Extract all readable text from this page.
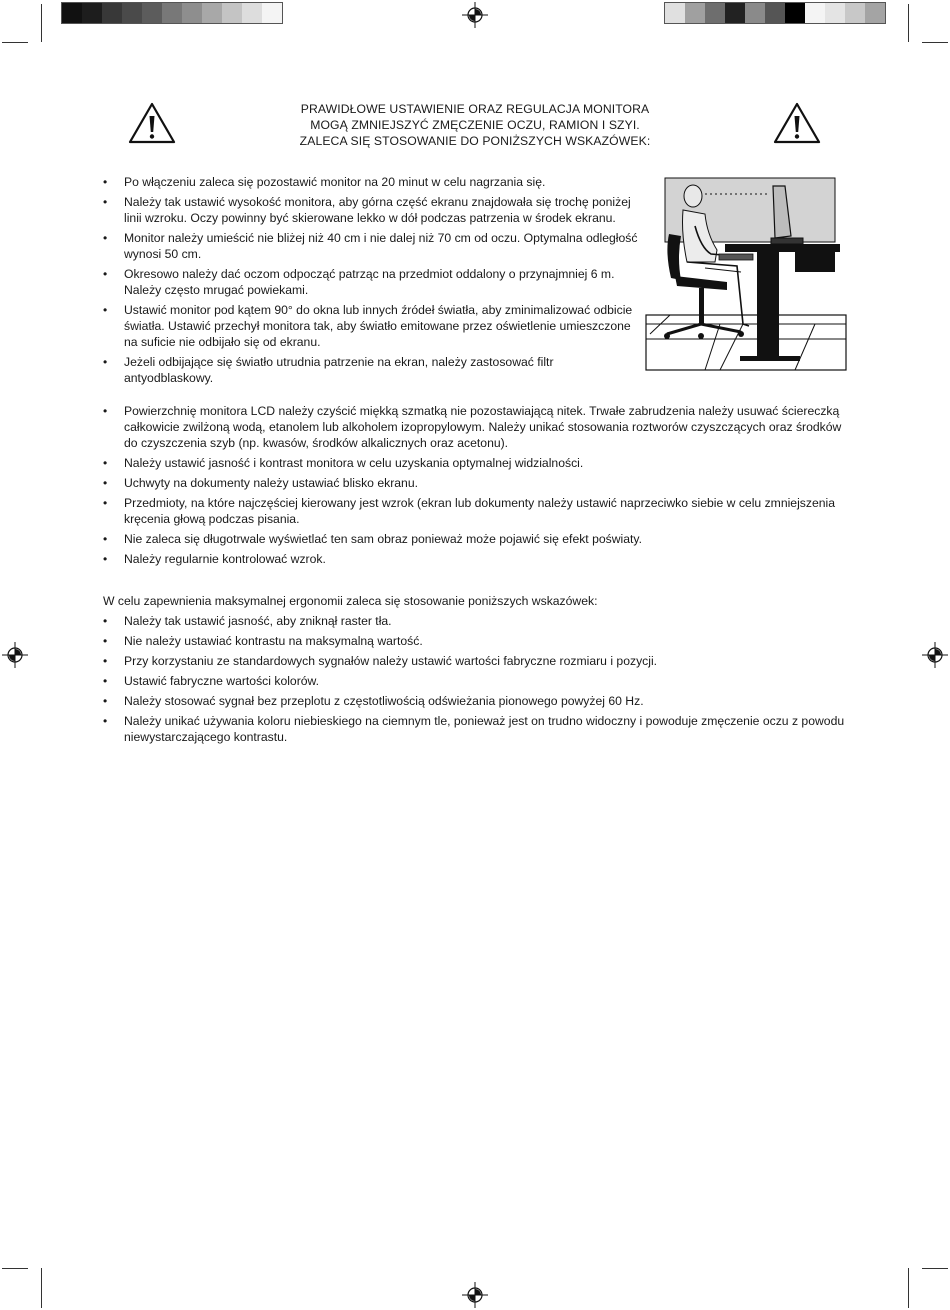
PRAWIDŁOWE USTAWIENIE ORAZ REGULACJA MONITORA
MOGĄ ZMNIEJSZYĆ ZMĘCZENIE OCZU, RAMION I SZYI.
ZALECA SIĘ STOSOWANIE DO PONIŻSZYCH WSKAZÓWEK:
• Po włączeniu zaleca się pozostawić monitor na 20 minut w celu nagrzania się.
• Należy tak ustawić wysokość monitora, aby górna część ekranu znajdowała się trochę poniżej linii wzroku. Oczy powinny być skierowane lekko w dół podczas patrzenia w środek ekranu.
• Monitor należy umieścić nie bliżej niż 40 cm i nie dalej niż 70 cm od oczu. Optymalna odległość wynosi 50 cm.
• Okresowo należy dać oczom odpocząć patrząc na przedmiot oddalony o przynajmniej 6 m. Należy często mrugać powiekami.
• Ustawić monitor pod kątem 90° do okna lub innych źródeł światła, aby zminimalizować odbicie światła. Ustawić przechył monitora tak, aby światło emitowane przez oświetlenie umieszczone na suficie nie odbijało się od ekranu.
• Jeżeli odbijające się światło utrudnia patrzenie na ekran, należy zastosować filtr antyodblaskowy.
• Powierzchnię monitora LCD należy czyścić miękką szmatką nie pozostawiającą nitek. Trwałe zabrudzenia należy usuwać ściereczką całkowicie zwilżoną wodą, etanolem lub alkoholem izopropylowym. Należy unikać stosowania roztworów czyszczących oraz środków do czyszczenia szyb (np. kwasów, środków alkalicznych oraz acetonu).
• Należy ustawić jasność i kontrast monitora w celu uzyskania optymalnej widzialności.
• Uchwyty na dokumenty należy ustawiać blisko ekranu.
• Przedmioty, na które najczęściej kierowany jest wzrok (ekran lub dokumenty należy ustawić naprzeciwko siebie w celu zmniejszenia kręcenia głową podczas pisania.
• Nie zaleca się długotrwale wyświetlać ten sam obraz ponieważ może pojawić się efekt poświaty.
• Należy regularnie kontrolować wzrok.
W celu zapewnienia maksymalnej ergonomii zaleca się stosowanie poniższych wskazówek:
• Należy tak ustawić jasność, aby zniknął raster tła.
• Nie należy ustawiać kontrastu na maksymalną wartość.
• Przy korzystaniu ze standardowych sygnałów należy ustawić wartości fabryczne rozmiaru i pozycji.
• Ustawić fabryczne wartości kolorów.
• Należy stosować sygnał bez przeplotu z częstotliwością odświeżania pionowego powyżej 60 Hz.
• Należy unikać używania koloru niebieskiego na ciemnym tle, ponieważ jest on trudno widoczny i powoduje zmęczenie oczu z powodu niewystarczającego kontrastu.
